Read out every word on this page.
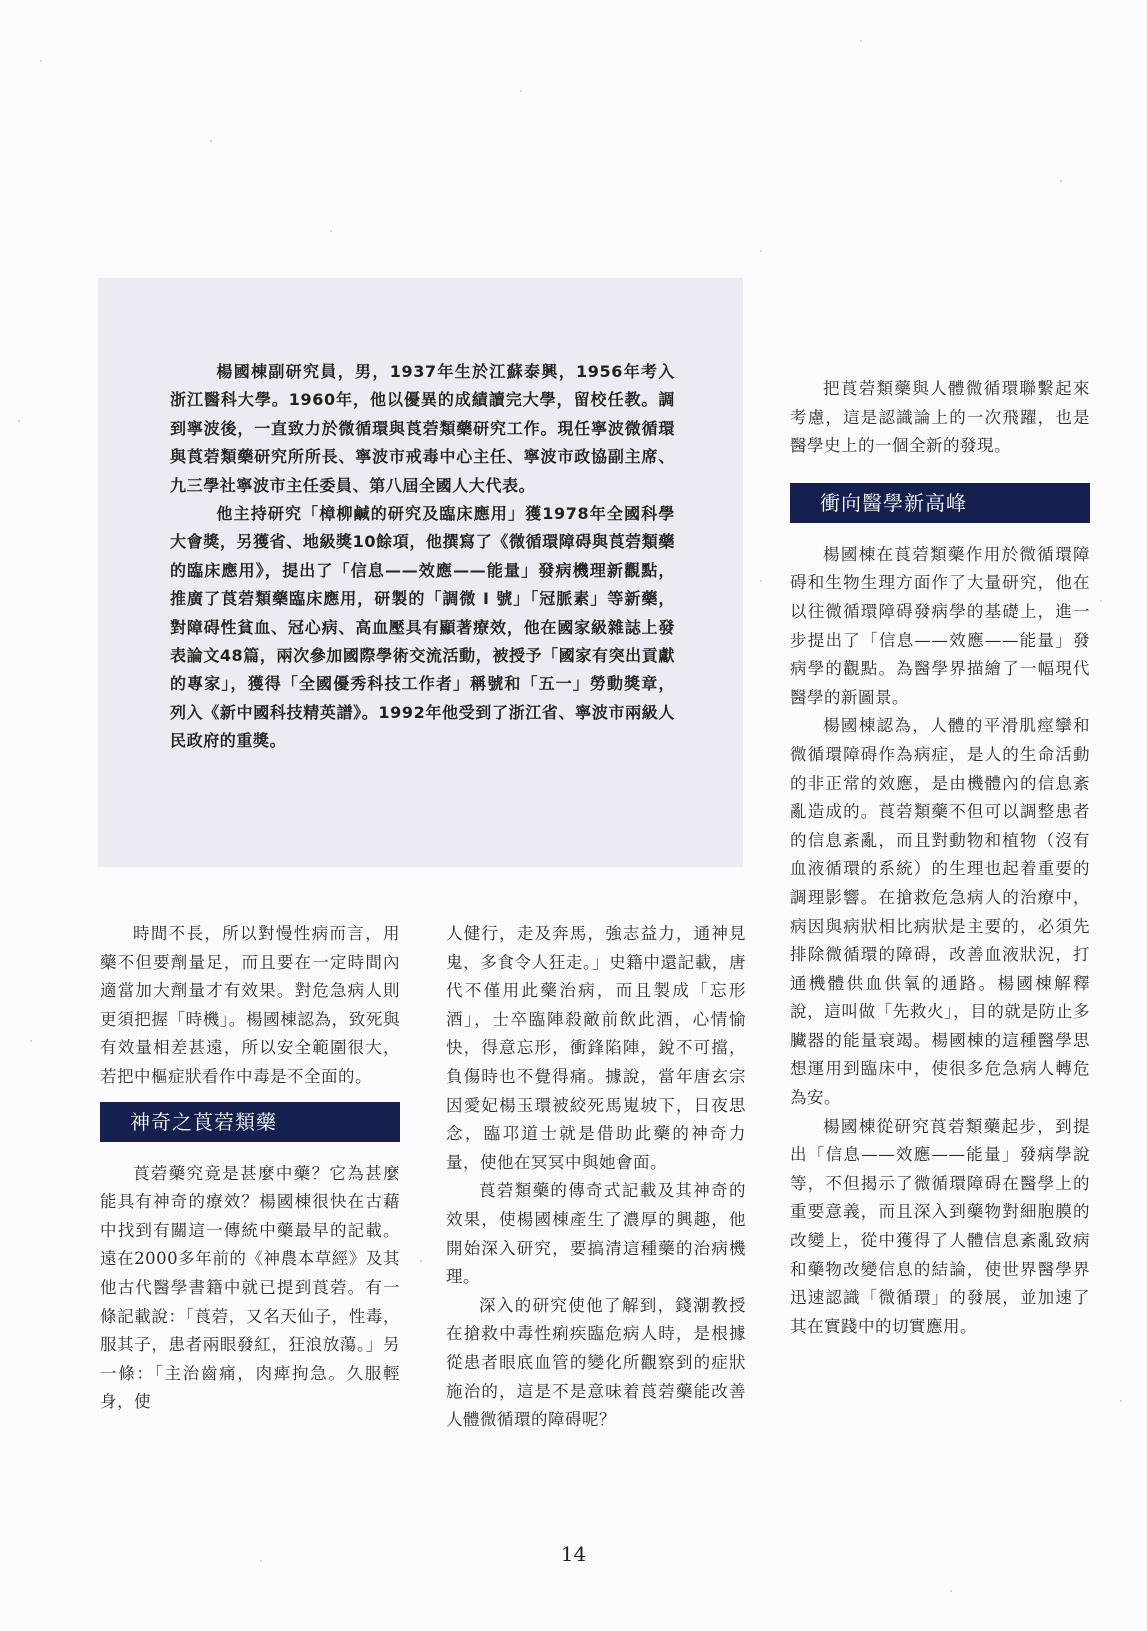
楊國棟副研究員，男，1937年生於江蘇泰興，1956年考入浙江醫科大學。1960年，他以優異的成績讀完大學，留校任教。調到寧波後，一直致力於微循環與莨菪類藥研究工作。現任寧波微循環與莨菪類藥研究所所長、寧波市戒毒中心主任、寧波市政協副主席、九三學社寧波市主任委員、第八屆全國人大代表。

他主持研究「樟柳鹹的研究及臨床應用」獲1978年全國科學大會獎，另獲省、地級獎10餘項，他撰寫了《微循環障碍與莨菪類藥的臨床應用》，提出了「信息——效應——能量」發病機理新觀點，推廣了莨菪類藥臨床應用，研製的「調微 I 號」「冠脈素」等新藥，對障碍性貧血、冠心病、高血壓具有顯著療效，他在國家級雜誌上發表論文48篇，兩次參加國際學術交流活動，被授予「國家有突出貢獻的專家」，獲得「全國優秀科技工作者」稱號和「五一」勞動獎章，列入《新中國科技精英譜》。1992年他受到了浙江省、寧波市兩級人民政府的重獎。

時間不長，所以對慢性病而言，用藥不但要劑量足，而且要在一定時間內適當加大劑量才有效果。對危急病人則更須把握「時機」。楊國棟認為，致死與有效量相差甚遠，所以安全範圍很大，若把中樞症狀看作中毒是不全面的。

神奇之莨菪類藥

莨菪藥究竟是甚麼中藥？它為甚麼能具有神奇的療效？楊國棟很快在古藉中找到有關這一傳統中藥最早的記載。遠在2000多年前的《神農本草經》及其他古代醫學書籍中就已提到莨菪。有一條記載說：「莨菪，又名天仙子，性毒，服其子，患者兩眼發紅，狂浪放蕩。」另一條：「主治齒痛，肉痺拘急。久服輕身，使

人健行，走及奔馬，強志益力，通神見鬼，多食令人狂走。」史籍中還記載，唐代不僅用此藥治病，而且製成「忘形酒」，士卒臨陣殺敵前飲此酒，心情愉快，得意忘形，衝鋒陷陣，銳不可擋，負傷時也不覺得痛。據說，當年唐玄宗因愛妃楊玉環被絞死馬嵬坡下，日夜思念，臨邛道士就是借助此藥的神奇力量，使他在冥冥中與她會面。

莨菪類藥的傳奇式記載及其神奇的效果，使楊國棟產生了濃厚的興趣，他開始深入研究，要搞清這種藥的治病機理。

深入的研究使他了解到，錢潮教授在搶救中毒性痢疾臨危病人時，是根據從患者眼底血管的變化所觀察到的症狀施治的，這是不是意味着莨菪藥能改善人體微循環的障碍呢？

把莨菪類藥與人體微循環聯繫起來考慮，這是認識論上的一次飛躍，也是醫學史上的一個全新的發現。

衝向醫學新高峰

楊國棟在莨菪類藥作用於微循環障碍和生物生理方面作了大量研究，他在以往微循環障碍發病學的基礎上，進一步提出了「信息——效應——能量」發病學的觀點。為醫學界描繪了一幅現代醫學的新圖景。

楊國棟認為，人體的平滑肌痙攣和微循環障碍作為病症，是人的生命活動的非正常的效應，是由機體內的信息紊亂造成的。莨菪類藥不但可以調整患者的信息紊亂，而且對動物和植物（沒有血液循環的系統）的生理也起着重要的調理影響。在搶救危急病人的治療中，病因與病狀相比病狀是主要的，必須先排除微循環的障碍，改善血液狀況，打通機體供血供氧的通路。楊國棟解釋說，這叫做「先救火」，目的就是防止多臟器的能量衰竭。楊國棟的這種醫學思想運用到臨床中，使很多危急病人轉危為安。

楊國棟從研究莨菪類藥起步，到提出「信息——效應——能量」發病學說等，不但揭示了微循環障碍在醫學上的重要意義，而且深入到藥物對細胞膜的改變上，從中獲得了人體信息紊亂致病和藥物改變信息的結論，使世界醫學界迅速認識「微循環」的發展，並加速了其在實踐中的切實應用。

14
